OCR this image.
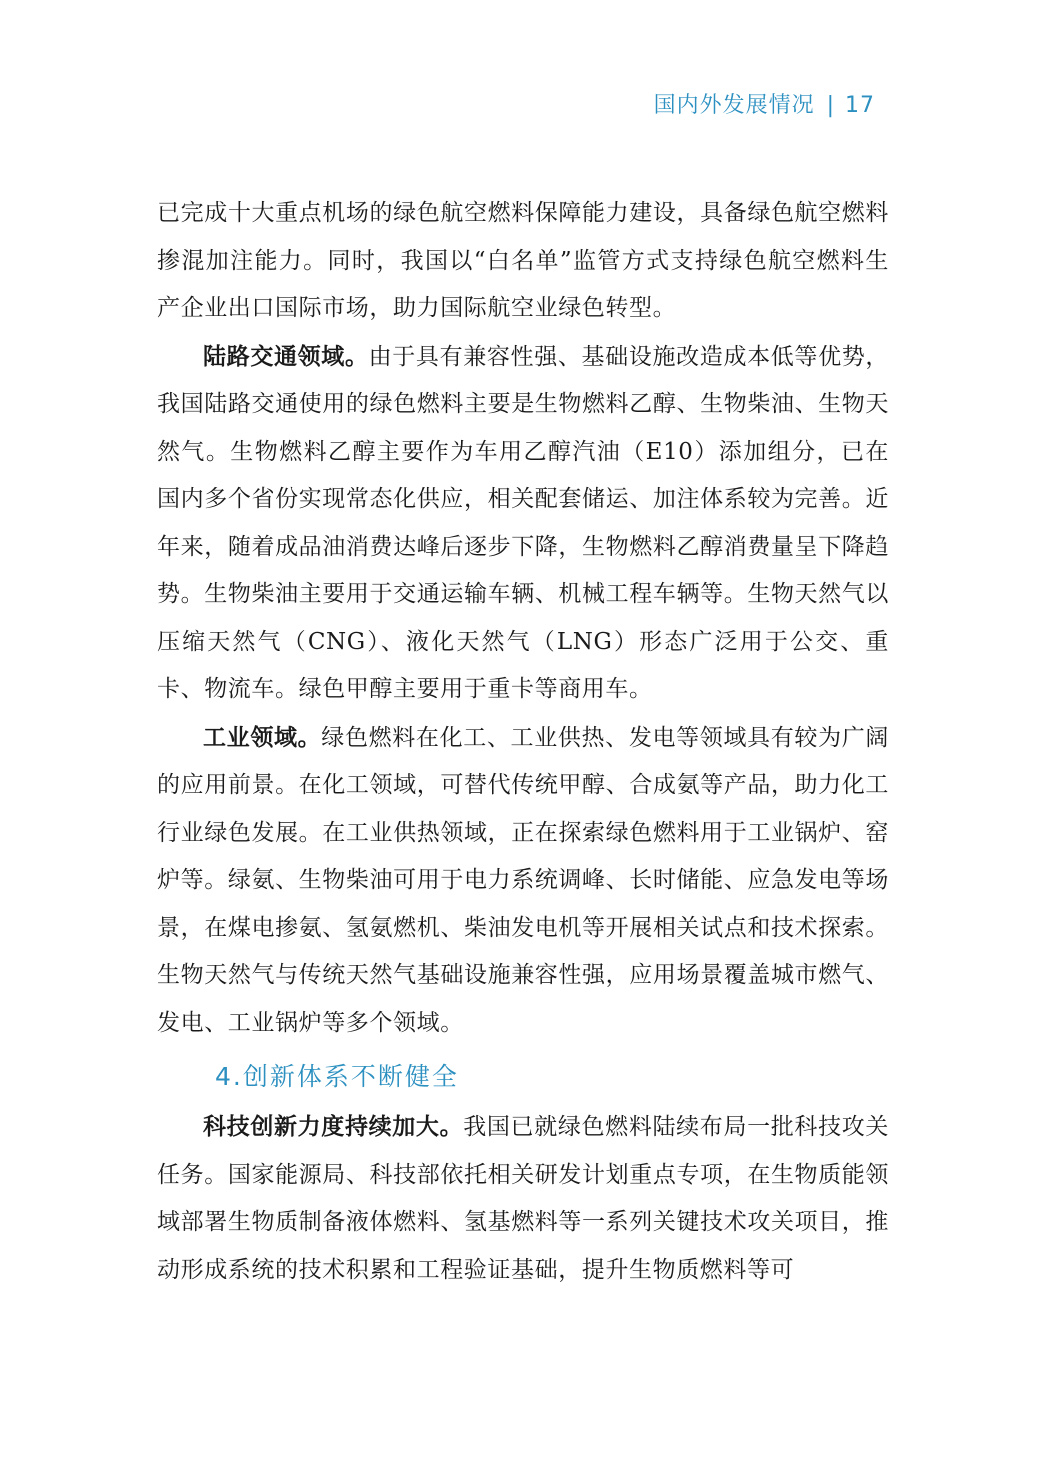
国内外发展情况 | 17

已完成十大重点机场的绿色航空燃料保障能力建设，具备绿色航空燃料掺混加注能力。同时，我国以“白名单”监管方式支持绿色航空燃料生产企业出口国际市场，助力国际航空业绿色转型。

陆路交通领域。由于具有兼容性强、基础设施改造成本低等优势，我国陆路交通使用的绿色燃料主要是生物燃料乙醇、生物柴油、生物天然气。生物燃料乙醇主要作为车用乙醇汽油（E10）添加组分，已在国内多个省份实现常态化供应，相关配套储运、加注体系较为完善。近年来，随着成品油消费达峰后逐步下降，生物燃料乙醇消费量呈下降趋势。生物柴油主要用于交通运输车辆、机械工程车辆等。生物天然气以压缩天然气（CNG）、液化天然气（LNG）形态广泛用于公交、重卡、物流车。绿色甲醇主要用于重卡等商用车。

工业领域。绿色燃料在化工、工业供热、发电等领域具有较为广阔的应用前景。在化工领域，可替代传统甲醇、合成氨等产品，助力化工行业绿色发展。在工业供热领域，正在探索绿色燃料用于工业锅炉、窑炉等。绿氨、生物柴油可用于电力系统调峰、长时储能、应急发电等场景，在煤电掺氨、氢氨燃机、柴油发电机等开展相关试点和技术探索。生物天然气与传统天然气基础设施兼容性强，应用场景覆盖城市燃气、发电、工业锅炉等多个领域。

4.创新体系不断健全

科技创新力度持续加大。我国已就绿色燃料陆续布局一批科技攻关任务。国家能源局、科技部依托相关研发计划重点专项，在生物质能领域部署生物质制备液体燃料、氢基燃料等一系列关键技术攻关项目，推动形成系统的技术积累和工程验证基础，提升生物质燃料等可
